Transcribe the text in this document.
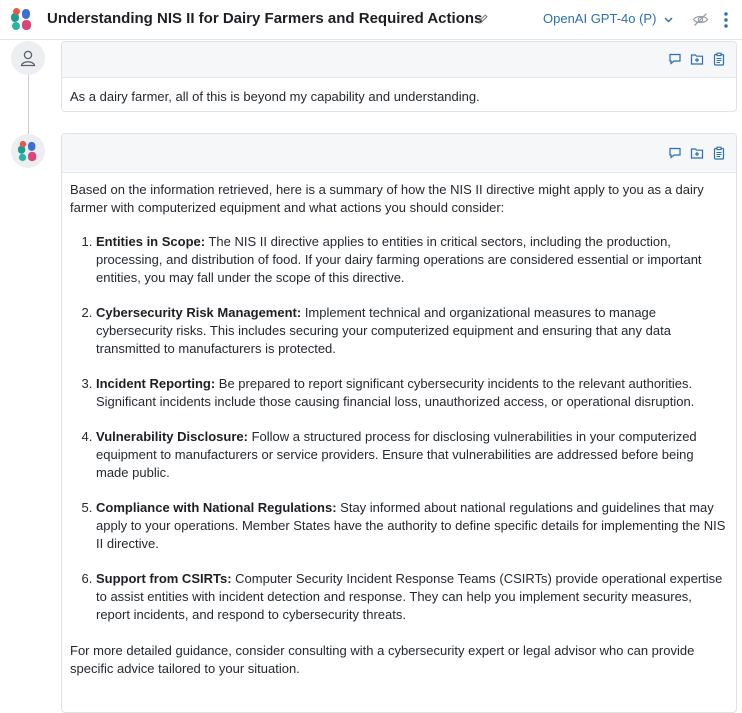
Understanding NIS II for Dairy Farmers and Required Actions	OpenAI GPT-4o (P)
As a dairy farmer, all of this is beyond my capability and understanding.

Based on the information retrieved, here is a summary of how the NIS II directive might apply to you as a dairy farmer with computerized equipment and what actions you should consider:

1. Entities in Scope: The NIS II directive applies to entities in critical sectors, including the production, processing, and distribution of food. If your dairy farming operations are considered essential or important entities, you may fall under the scope of this directive.
2. Cybersecurity Risk Management: Implement technical and organizational measures to manage cybersecurity risks. This includes securing your computerized equipment and ensuring that any data transmitted to manufacturers is protected.
3. Incident Reporting: Be prepared to report significant cybersecurity incidents to the relevant authorities. Significant incidents include those causing financial loss, unauthorized access, or operational disruption.
4. Vulnerability Disclosure: Follow a structured process for disclosing vulnerabilities in your computerized equipment to manufacturers or service providers. Ensure that vulnerabilities are addressed before being made public.
5. Compliance with National Regulations: Stay informed about national regulations and guidelines that may apply to your operations. Member States have the authority to define specific details for implementing the NIS II directive.
6. Support from CSIRTs: Computer Security Incident Response Teams (CSIRTs) provide operational expertise to assist entities with incident detection and response. They can help you implement security measures, report incidents, and respond to cybersecurity threats.

For more detailed guidance, consider consulting with a cybersecurity expert or legal advisor who can provide specific advice tailored to your situation.
